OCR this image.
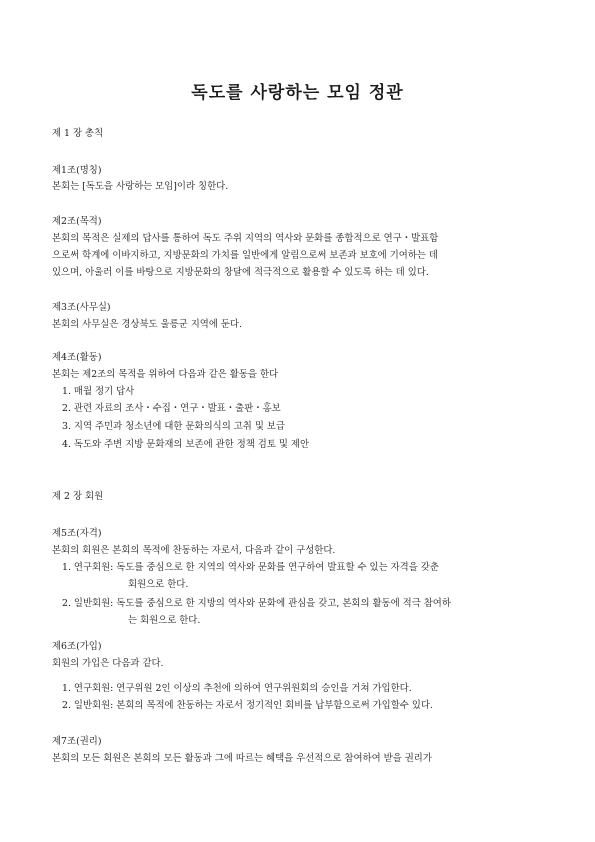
독도를 사랑하는 모임 정관
제 1 장 총칙
제1조(명칭)
본회는 [독도을 사랑하는 모임]이라 칭한다.
제2조(목적)
본회의 목적은 실제의 답사를 통하여 독도 주위 지역의 역사와 문화를 종합적으로 연구・발표함
으로써 학계에 이바지하고, 지방문화의 가치를 일반에게 알림으로써 보존과 보호에 기여하는 데
있으며, 아울러 이를 바탕으로 지방문화의 창달에 적극적으로 활용할 수 있도록 하는 데 있다.
제3조(사무실)
본회의 사무실은 경상북도 울릉군 지역에 둔다.
제4조(활동)
본회는 제2조의 목적을 위하여 다음과 같은 활동을 한다
1. 매월 정기 답사
2. 관련 자료의 조사・수집・연구・발표・출판・홍보
3. 지역 주민과 청소년에 대한 문화의식의 고취 및 보급
4. 독도와 주변 지방 문화재의 보존에 관한 정책 검토 및 제안
제 2 장 회원
제5조(자격)
본회의 회원은 본회의 목적에 찬동하는 자로서, 다음과 같이 구성한다.
1. 연구회원: 독도를 중심으로 한 지역의 역사와 문화를 연구하여 발표할 수 있는 자격을 갖춘
회원으로 한다.
2. 일반회원: 독도를 중심으로 한 지방의 역사와 문화에 관심을 갖고, 본회의 활동에 적극 참여하
는 회원으로 한다.
제6조(가입)
회원의 가입은 다음과 같다.
1. 연구회원: 연구위원 2인 이상의 추천에 의하여 연구위원회의 승인을 거쳐 가입한다.
2. 일반회원: 본회의 목적에 찬동하는 자로서 정기적인 회비를 납부함으로써 가입할수 있다.
제7조(권리)
본회의 모든 회원은 본회의 모든 활동과 그에 따르는 혜택을 우선적으로 참여하여 받을 권리가
